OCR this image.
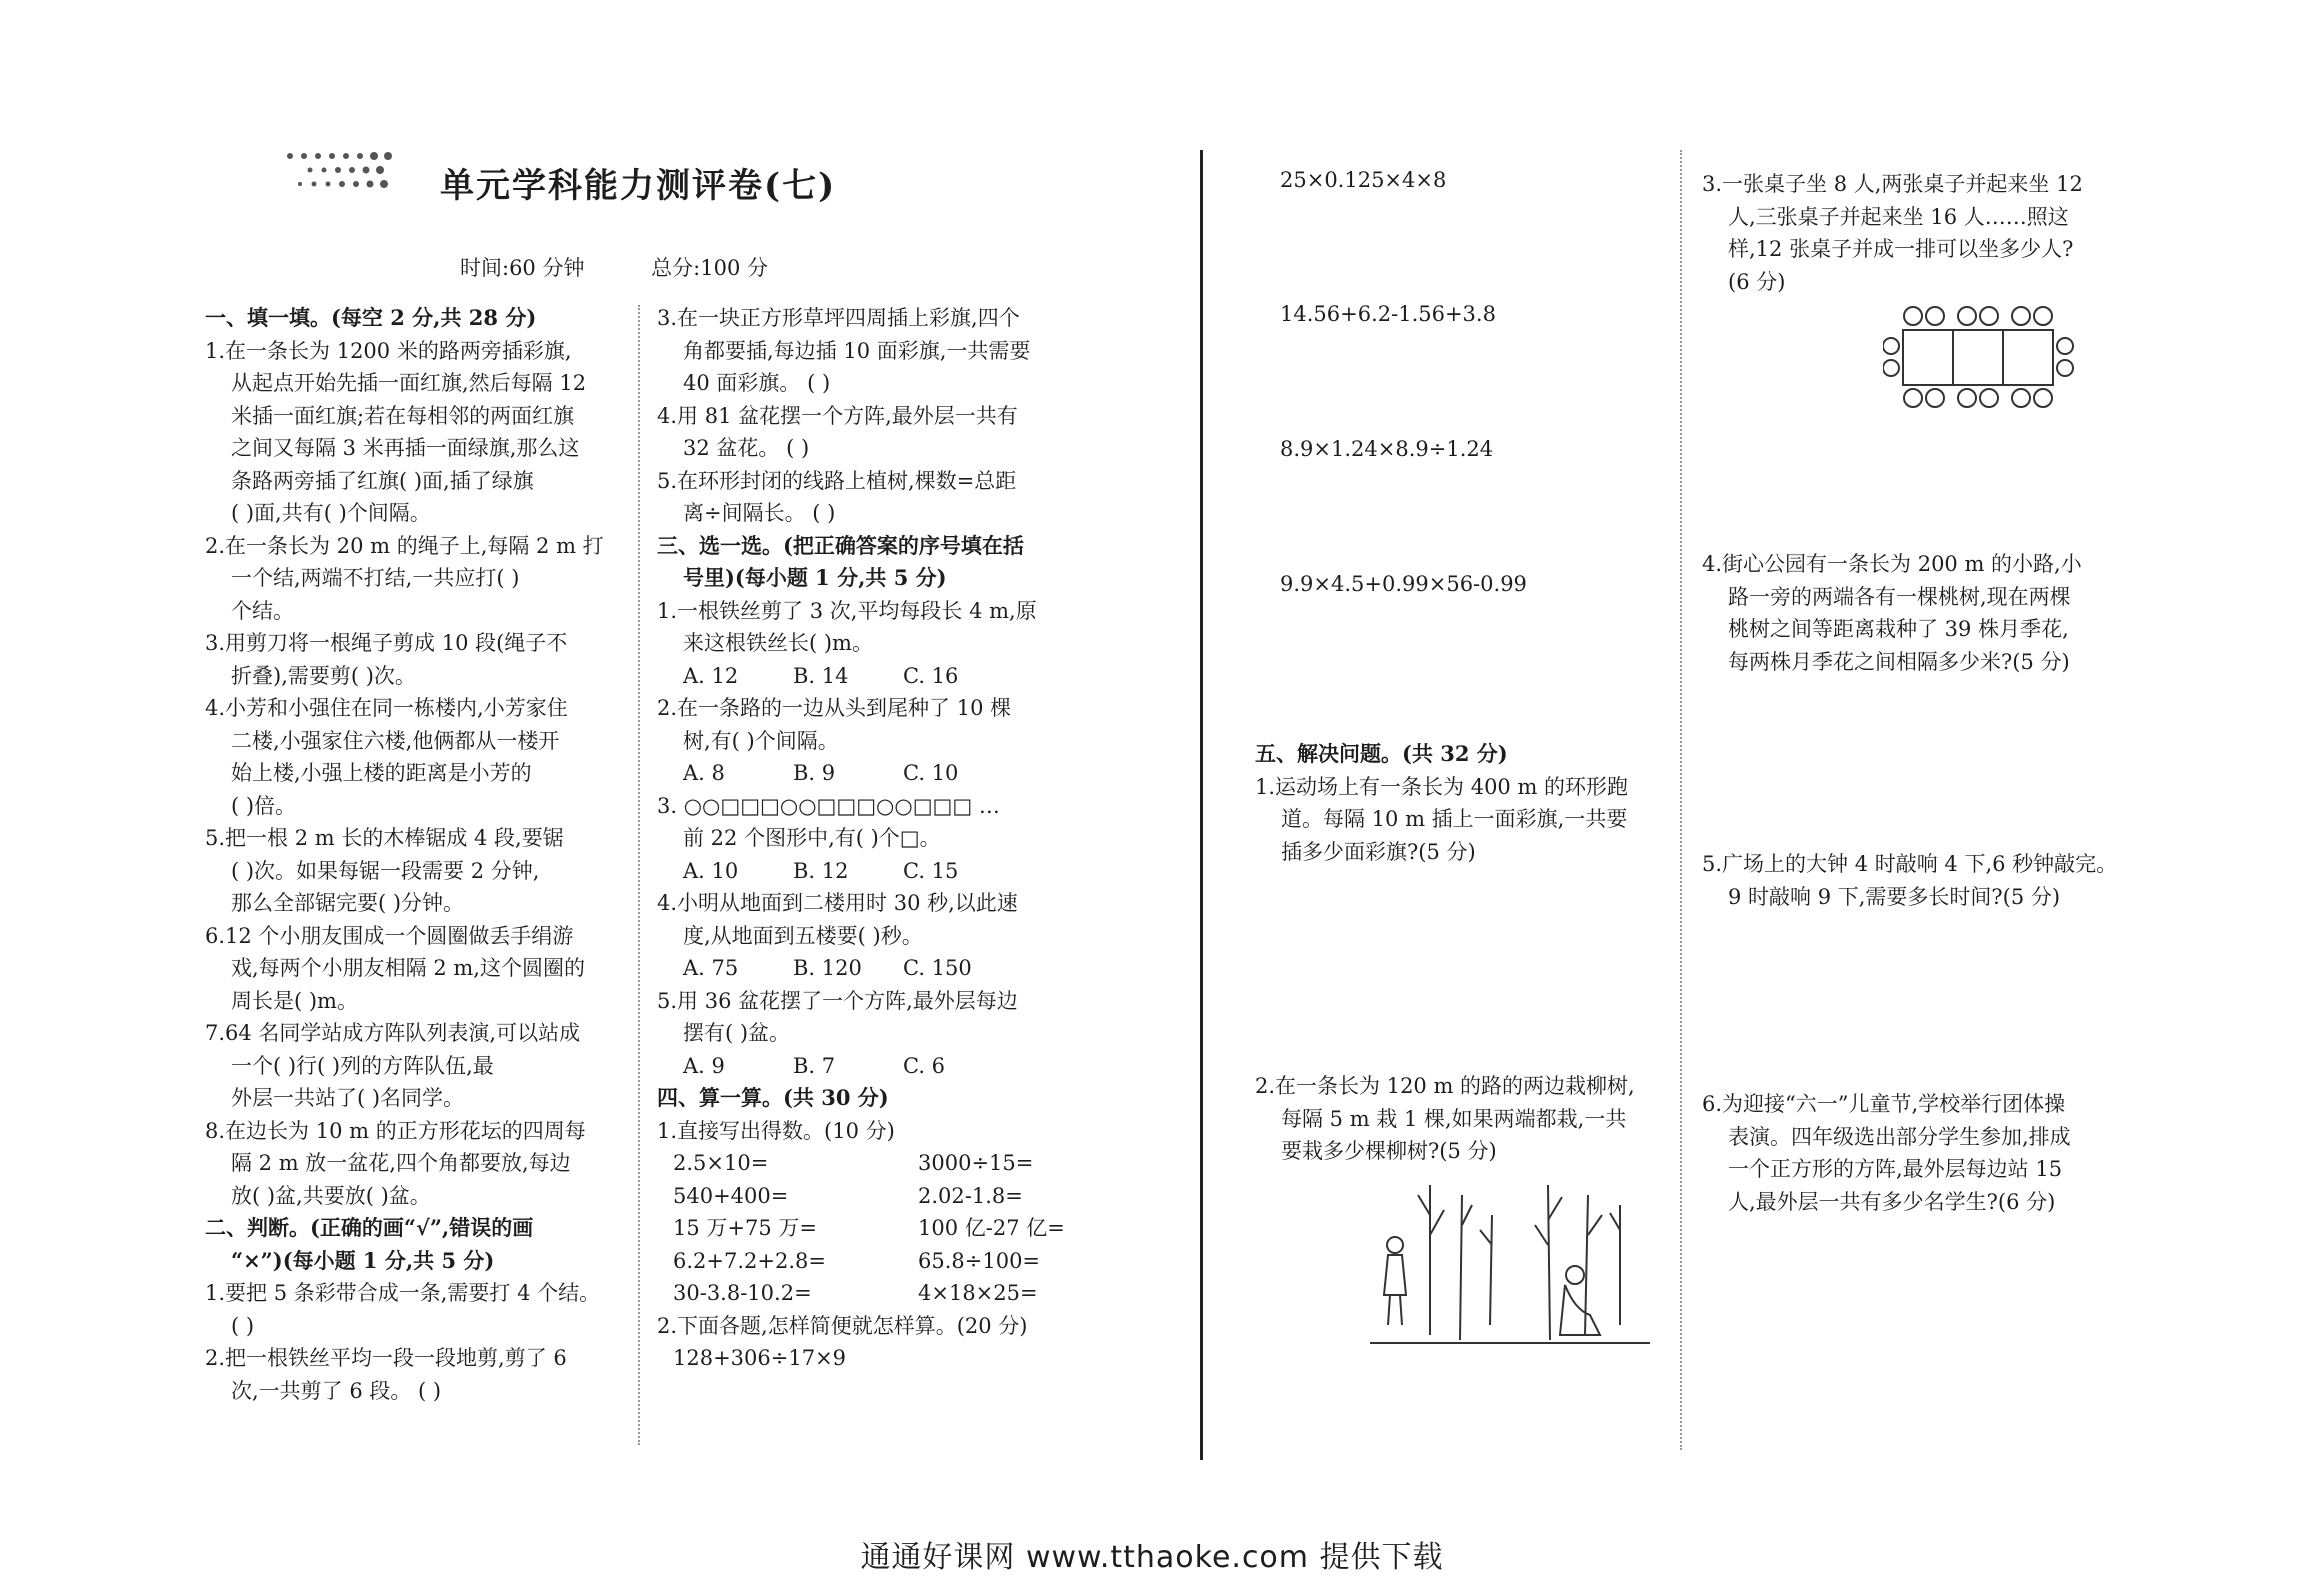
单元学科能力测评卷(七)
时间:60 分钟	总分:100 分

一、填一填。(每空 2 分,共 28 分)

1.在一条长为 1200 米的路两旁插彩旗,

从起点开始先插一面红旗,然后每隔 12

米插一面红旗;若在每相邻的两面红旗

之间又每隔 3 米再插一面绿旗,那么这

条路两旁插了红旗( )面,插了绿旗

( )面,共有( )个间隔。

2.在一条长为 20 m 的绳子上,每隔 2 m 打

一个结,两端不打结,一共应打( )

个结。

3.用剪刀将一根绳子剪成 10 段(绳子不

折叠),需要剪( )次。

4.小芳和小强住在同一栋楼内,小芳家住

二楼,小强家住六楼,他俩都从一楼开

始上楼,小强上楼的距离是小芳的

( )倍。

5.把一根 2 m 长的木棒锯成 4 段,要锯

( )次。如果每锯一段需要 2 分钟,

那么全部锯完要( )分钟。

6.12 个小朋友围成一个圆圈做丢手绢游

戏,每两个小朋友相隔 2 m,这个圆圈的

周长是( )m。

7.64 名同学站成方阵队列表演,可以站成

一个( )行( )列的方阵队伍,最

外层一共站了( )名同学。

8.在边长为 10 m 的正方形花坛的四周每

隔 2 m 放一盆花,四个角都要放,每边

放( )盆,共要放( )盆。

二、判断。(正确的画“√”,错误的画

“×”)(每小题 1 分,共 5 分)

1.要把 5 条彩带合成一条,需要打 4 个结。

( )

2.把一根铁丝平均一段一段地剪,剪了 6

次,一共剪了 6 段。 ( )

3.在一块正方形草坪四周插上彩旗,四个

角都要插,每边插 10 面彩旗,一共需要

40 面彩旗。 ( )

4.用 81 盆花摆一个方阵,最外层一共有

32 盆花。 ( )

5.在环形封闭的线路上植树,棵数=总距

离÷间隔长。 ( )

三、选一选。(把正确答案的序号填在括

号里)(每小题 1 分,共 5 分)

1.一根铁丝剪了 3 次,平均每段长 4 m,原

来这根铁丝长( )m。

A. 12	B. 14	C. 16

2.在一条路的一边从头到尾种了 10 棵

树,有( )个间隔。

A. 8	B. 9	C. 10

3. ○○□□□○○□□□○○□□□ …

前 22 个图形中,有( )个□。

A. 10	B. 12	C. 15

4.小明从地面到二楼用时 30 秒,以此速

度,从地面到五楼要( )秒。

A. 75	B. 120	C. 150

5.用 36 盆花摆了一个方阵,最外层每边

摆有( )盆。

A. 9	B. 7	C. 6

四、算一算。(共 30 分)

1.直接写出得数。(10 分)

2.5×10=	3000÷15=
540+400=	2.02-1.8=
15 万+75 万=	100 亿-27 亿=
6.2+7.2+2.8=	65.8÷100=
30-3.8-10.2=	4×18×25=

2.下面各题,怎样简便就怎样算。(20 分)

128+306÷17×9

25×0.125×4×8
14.56+6.2-1.56+3.8
8.9×1.24×8.9÷1.24
9.9×4.5+0.99×56-0.99

五、解决问题。(共 32 分)

1.运动场上有一条长为 400 m 的环形跑

道。每隔 10 m 插上一面彩旗,一共要

插多少面彩旗?(5 分)

2.在一条长为 120 m 的路的两边栽柳树,

每隔 5 m 栽 1 棵,如果两端都栽,一共

要栽多少棵柳树?(5 分)

3.一张桌子坐 8 人,两张桌子并起来坐 12

人,三张桌子并起来坐 16 人……照这

样,12 张桌子并成一排可以坐多少人?

(6 分)

4.街心公园有一条长为 200 m 的小路,小

路一旁的两端各有一棵桃树,现在两棵

桃树之间等距离栽种了 39 株月季花,

每两株月季花之间相隔多少米?(5 分)

5.广场上的大钟 4 时敲响 4 下,6 秒钟敲完。

9 时敲响 9 下,需要多长时间?(5 分)

6.为迎接“六一”儿童节,学校举行团体操

表演。四年级选出部分学生参加,排成

一个正方形的方阵,最外层每边站 15

人,最外层一共有多少名学生?(6 分)

通通好课网 www.tthaoke.com 提供下载
